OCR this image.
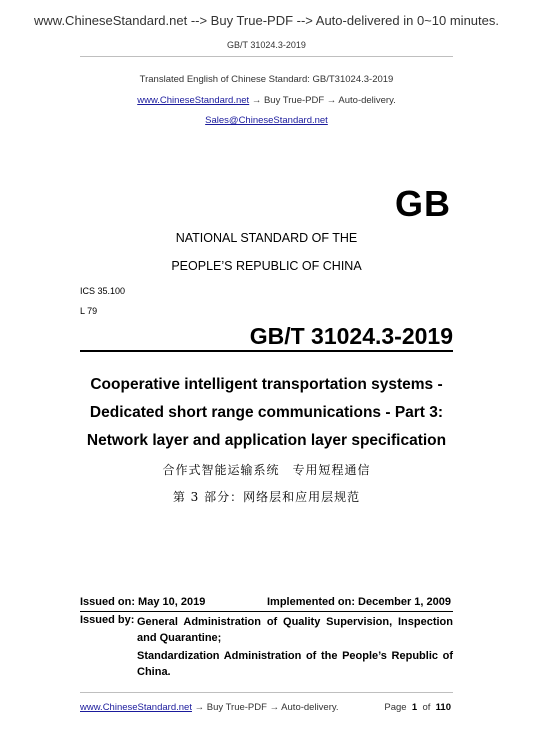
www.ChineseStandard.net --> Buy True-PDF --> Auto-delivered in 0~10 minutes.
GB/T 31024.3-2019
Translated English of Chinese Standard: GB/T31024.3-2019
www.ChineseStandard.net → Buy True-PDF → Auto-delivery.
Sales@ChineseStandard.net
GB
NATIONAL STANDARD OF THE
PEOPLE’S REPUBLIC OF CHINA
ICS 35.100
L 79
GB/T 31024.3-2019
Cooperative intelligent transportation systems -
Dedicated short range communications - Part 3:
Network layer and application layer specification
合作式智能运输系统　专用短程通信
第 3 部分：网络层和应用层规范
Issued on: May 10, 2019	Implemented on: December 1, 2009
Issued by: General Administration of Quality Supervision, Inspection and Quarantine;
Standardization Administration of the People’s Republic of China.
www.ChineseStandard.net → Buy True-PDF → Auto-delivery.	Page 1 of 110
